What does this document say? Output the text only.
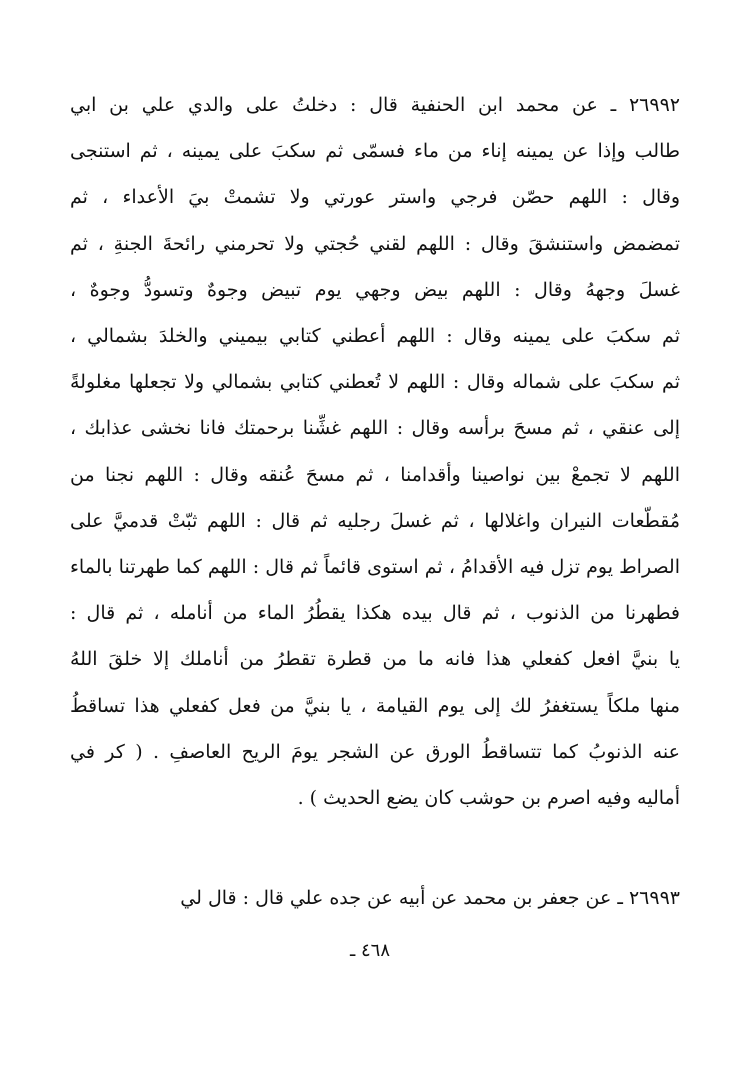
٢٦٩٩٢ ـ عن محمد ابن الحنفية قال : دخلتُ على والدي علي بن ابي
طالب وإذا عن يمينه إناء من ماء فسمّى ثم سكبَ على يمينه ، ثم استنجى
وقال : اللهم حصّن فرجي واستر عورتي ولا تشمتْ بيَ الأعداء ، ثم
تمضمض واستنشقَ وقال : اللهم لقني حُجتي ولا تحرمني رائحةَ الجنةِ ، ثم
غسلَ وجههُ وقال : اللهم بيض وجهي يوم تبيض وجوهٌ وتسودُّ وجوهٌ ،
ثم سكبَ على يمينه وقال : اللهم أعطني كتابي بيميني والخلدَ بشمالي ،
ثم سكبَ على شماله وقال : اللهم لا تُعطني كتابي بشمالي ولا تجعلها مغلولةً
إلى عنقي ، ثم مسحَ برأسه وقال : اللهم غشِّنا برحمتك فانا نخشى عذابك ،
اللهم لا تجمعْ بين نواصينا وأقدامنا ، ثم مسحَ عُنقه وقال : اللهم نجنا من
مُقطّعات النيران واغلالها ، ثم غسلَ رجليه ثم قال : اللهم ثبّتْ قدميَّ على
الصراط يوم تزل فيه الأقدامُ ، ثم استوى قائماً ثم قال : اللهم كما طهرتنا بالماء
فطهرنا من الذنوب ، ثم قال بيده هكذا يقطُرُ الماء من أنامله ، ثم قال :
يا بنيَّ افعل كفعلي هذا فانه ما من قطرة تقطرُ من أناملك إلا خلقَ اللهُ
منها ملكاً يستغفرُ لك إلى يوم القيامة ، يا بنيَّ من فعل كفعلي هذا تساقطُ
عنه الذنوبُ كما تتساقطُ الورق عن الشجر يومَ الريح العاصفِ . ( كر في
أماليه وفيه اصرم بن حوشب كان يضع الحديث ) .
٢٦٩٩٣ ـ عن جعفر بن محمد عن أبيه عن جده علي قال : قال لي
٤٦٨ ـ
